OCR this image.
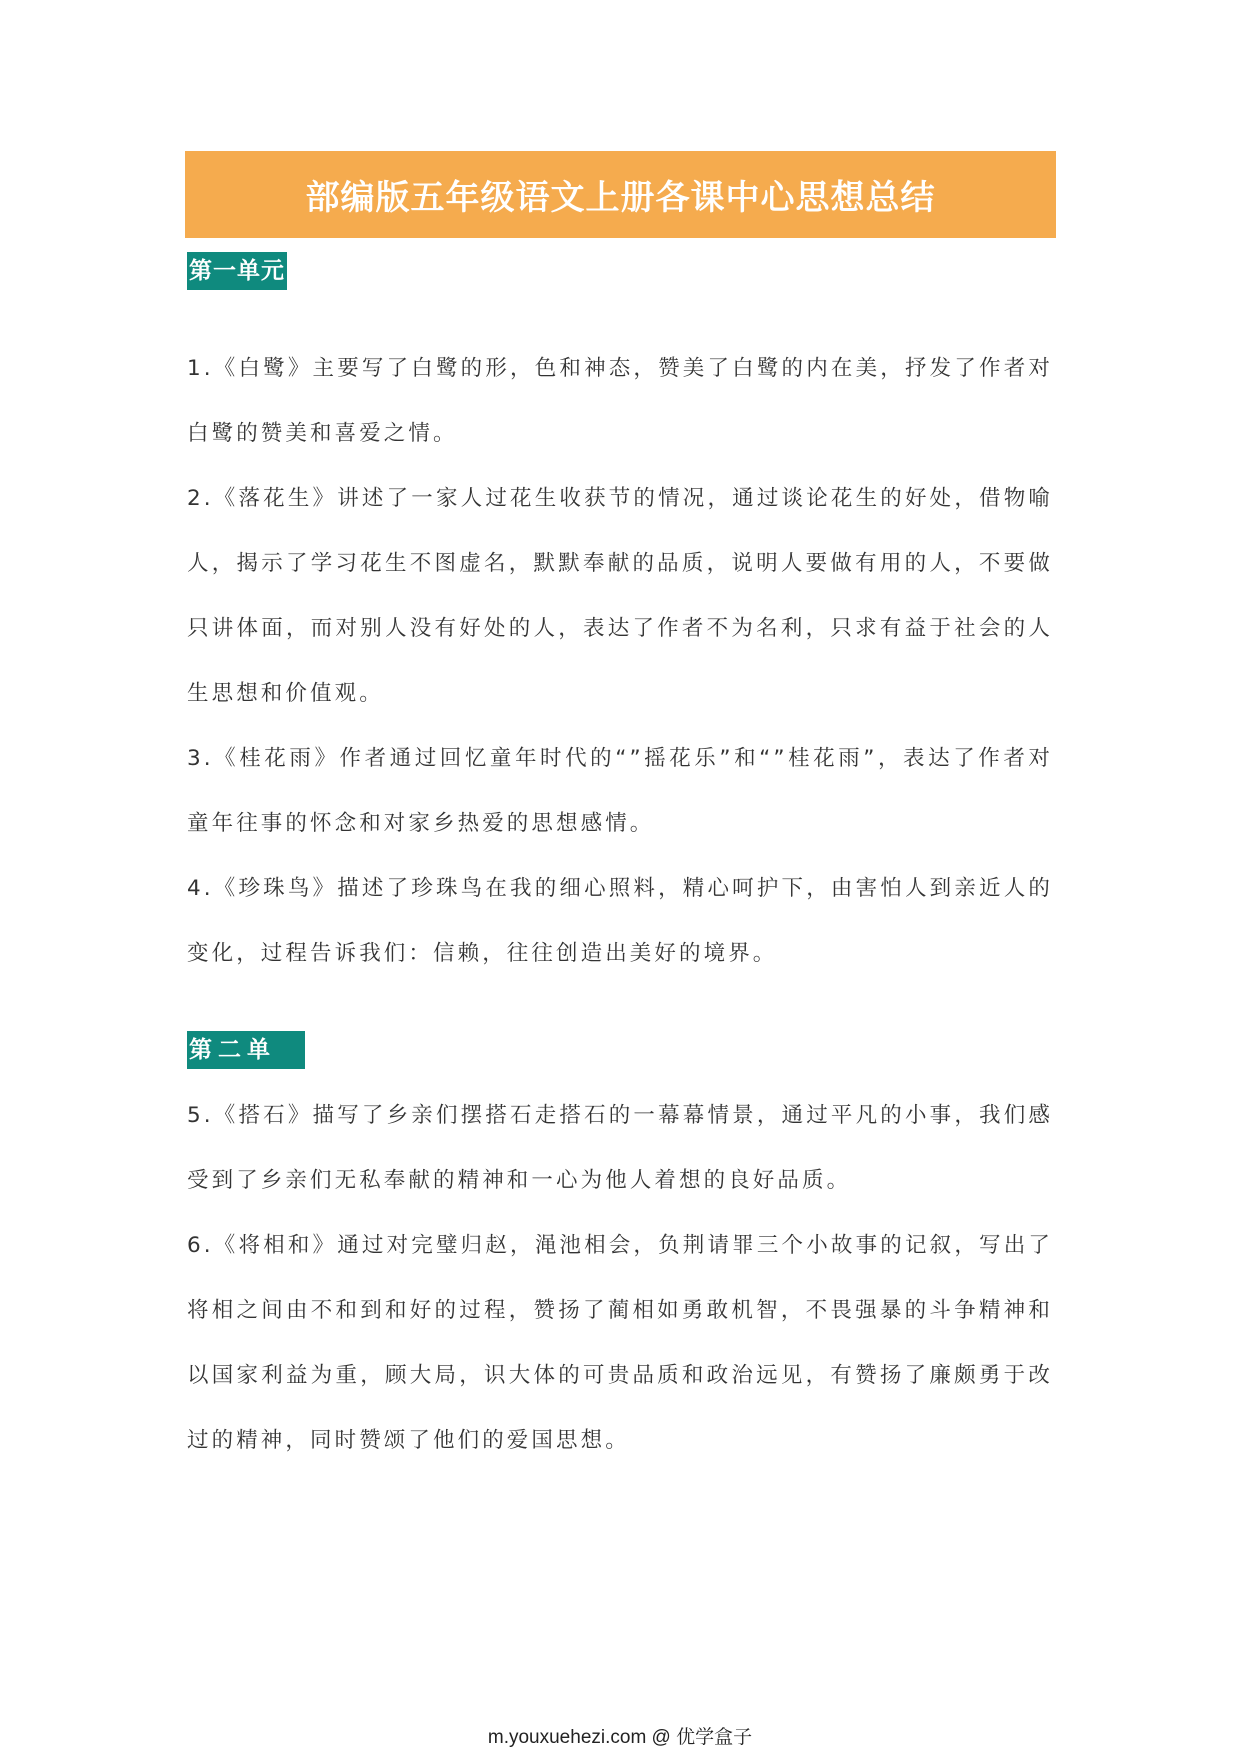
部编版五年级语文上册各课中心思想总结
第一单元

1.《白鹭》主要写了白鹭的形，色和神态，赞美了白鹭的内在美，抒发了作者对白鹭的赞美和喜爱之情。

2.《落花生》讲述了一家人过花生收获节的情况，通过谈论花生的好处，借物喻人，揭示了学习花生不图虚名，默默奉献的品质，说明人要做有用的人，不要做只讲体面，而对别人没有好处的人，表达了作者不为名利，只求有益于社会的人生思想和价值观。

3.《桂花雨》作者通过回忆童年时代的“”摇花乐”和“”桂花雨”，表达了作者对童年往事的怀念和对家乡热爱的思想感情。

4.《珍珠鸟》描述了珍珠鸟在我的细心照料，精心呵护下，由害怕人到亲近人的变化，过程告诉我们：信赖，往往创造出美好的境界。

第二单元

5.《搭石》描写了乡亲们摆搭石走搭石的一幕幕情景，通过平凡的小事，我们感受到了乡亲们无私奉献的精神和一心为他人着想的良好品质。

6.《将相和》通过对完璧归赵，渑池相会，负荆请罪三个小故事的记叙，写出了将相之间由不和到和好的过程，赞扬了蔺相如勇敢机智，不畏强暴的斗争精神和以国家利益为重，顾大局，识大体的可贵品质和政治远见，有赞扬了廉颇勇于改过的精神，同时赞颂了他们的爱国思想。

m.youxuehezi.com @ 优学盒子
